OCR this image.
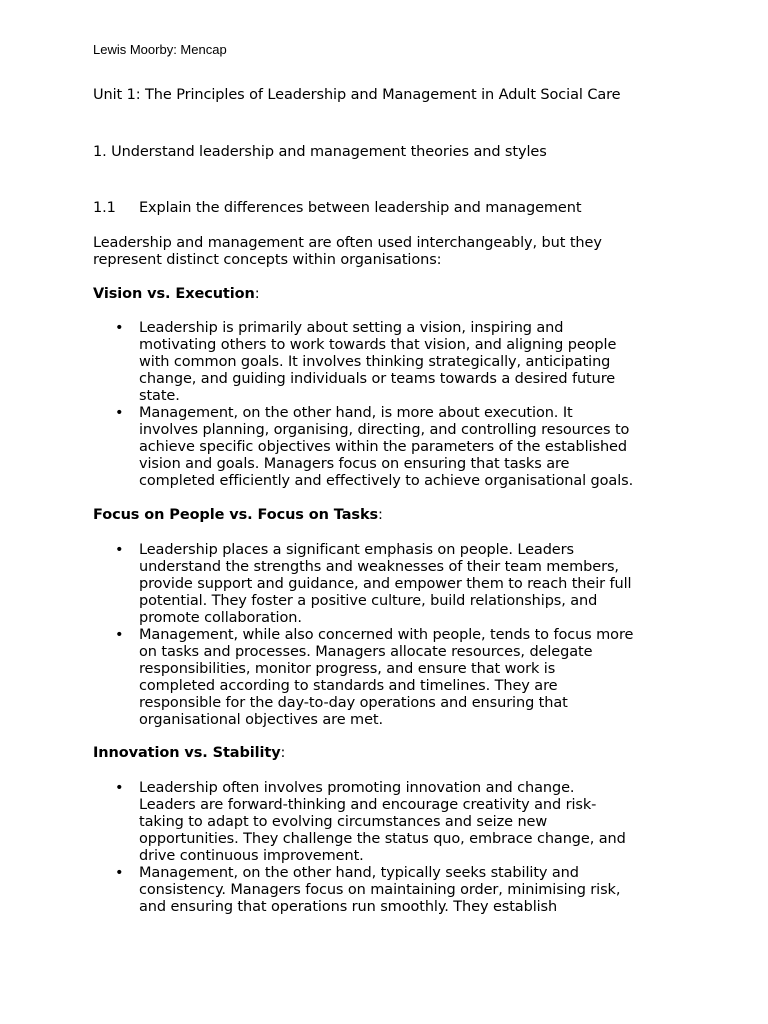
Lewis Moorby: Mencap
Unit 1: The Principles of Leadership and Management in Adult Social Care
1. Understand leadership and management theories and styles
1.1 Explain the differences between leadership and management
Leadership and management are often used interchangeably, but they
represent distinct concepts within organisations:
Vision vs. Execution:
• Leadership is primarily about setting a vision, inspiring and
motivating others to work towards that vision, and aligning people
with common goals. It involves thinking strategically, anticipating
change, and guiding individuals or teams towards a desired future
state.
• Management, on the other hand, is more about execution. It
involves planning, organising, directing, and controlling resources to
achieve specific objectives within the parameters of the established
vision and goals. Managers focus on ensuring that tasks are
completed efficiently and effectively to achieve organisational goals.
Focus on People vs. Focus on Tasks:
• Leadership places a significant emphasis on people. Leaders
understand the strengths and weaknesses of their team members,
provide support and guidance, and empower them to reach their full
potential. They foster a positive culture, build relationships, and
promote collaboration.
• Management, while also concerned with people, tends to focus more
on tasks and processes. Managers allocate resources, delegate
responsibilities, monitor progress, and ensure that work is
completed according to standards and timelines. They are
responsible for the day-to-day operations and ensuring that
organisational objectives are met.
Innovation vs. Stability:
• Leadership often involves promoting innovation and change.
Leaders are forward-thinking and encourage creativity and risk-
taking to adapt to evolving circumstances and seize new
opportunities. They challenge the status quo, embrace change, and
drive continuous improvement.
• Management, on the other hand, typically seeks stability and
consistency. Managers focus on maintaining order, minimising risk,
and ensuring that operations run smoothly. They establish
